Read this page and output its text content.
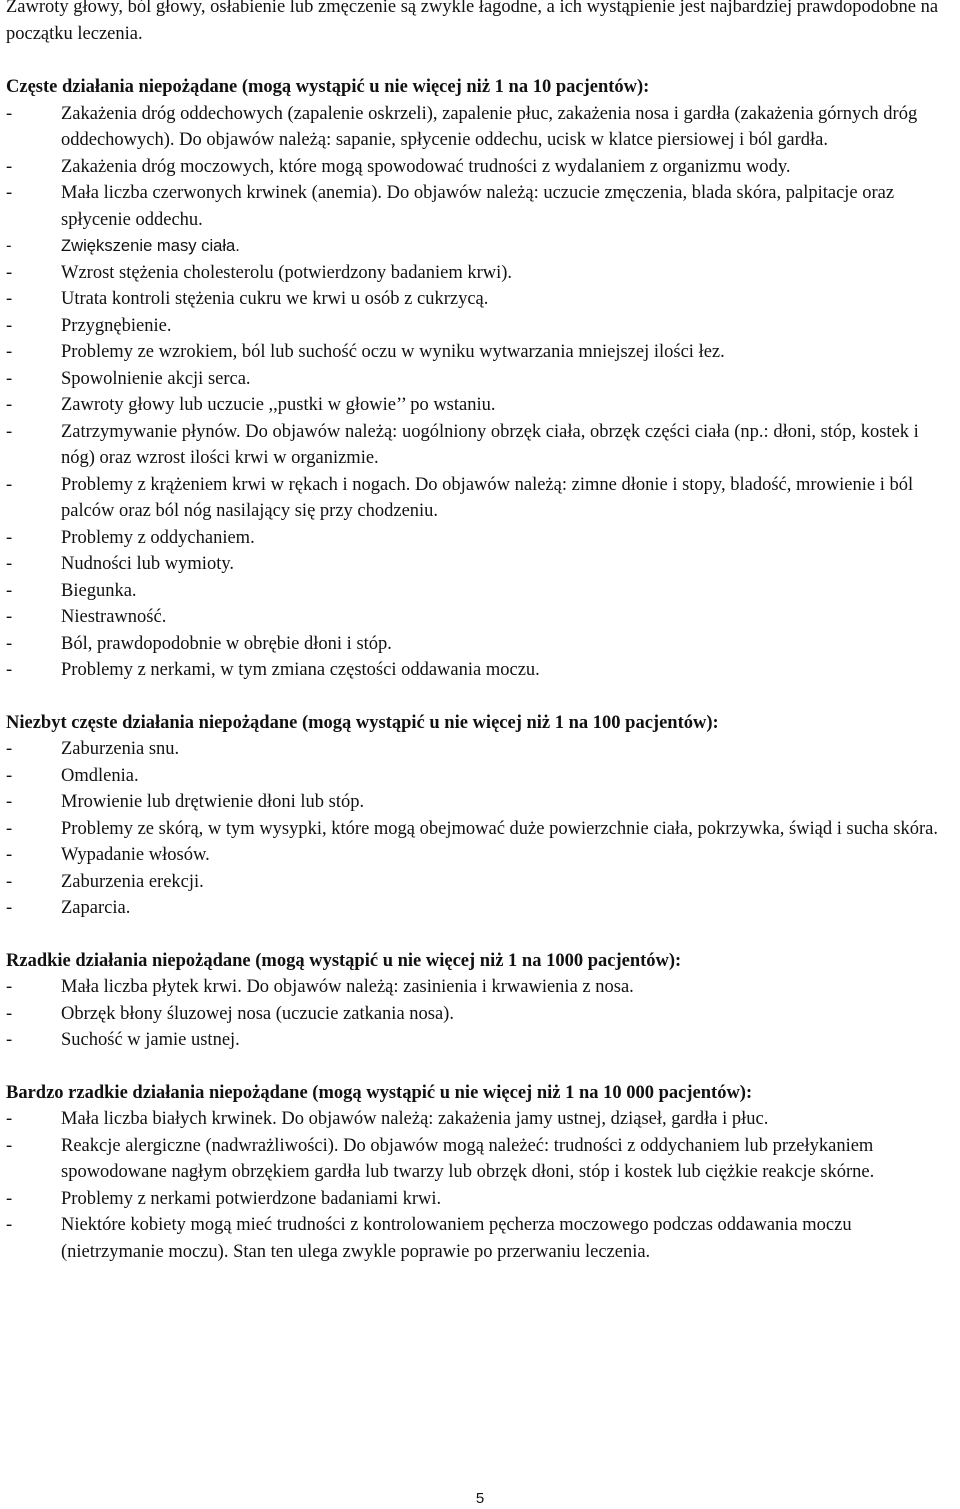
Zawroty głowy, ból głowy, osłabienie lub zmęczenie są zwykle łagodne, a ich wystąpienie jest najbardziej prawdopodobne na początku leczenia.

Częste działania niepożądane (mogą wystąpić u nie więcej niż 1 na 10 pacjentów):

- Zakażenia dróg oddechowych (zapalenie oskrzeli), zapalenie płuc, zakażenia nosa i gardła (zakażenia górnych dróg oddechowych). Do objawów należą: sapanie, spłycenie oddechu, ucisk w klatce piersiowej i ból gardła.
- Zakażenia dróg moczowych, które mogą spowodować trudności z wydalaniem z organizmu wody.
- Mała liczba czerwonych krwinek (anemia). Do objawów należą: uczucie zmęczenia, blada skóra, palpitacje oraz spłycenie oddechu.
- Zwiększenie masy ciała.
- Wzrost stężenia cholesterolu (potwierdzony badaniem krwi).
- Utrata kontroli stężenia cukru we krwi u osób z cukrzycą.
- Przygnębienie.
- Problemy ze wzrokiem, ból lub suchość oczu w wyniku wytwarzania mniejszej ilości łez.
- Spowolnienie akcji serca.
- Zawroty głowy lub uczucie ,,pustki w głowie’’ po wstaniu.
- Zatrzymywanie płynów. Do objawów należą: uogólniony obrzęk ciała, obrzęk części ciała (np.: dłoni, stóp, kostek i nóg) oraz wzrost ilości krwi w organizmie.
- Problemy z krążeniem krwi w rękach i nogach. Do objawów należą: zimne dłonie i stopy, bladość, mrowienie i ból palców oraz ból nóg nasilający się przy chodzeniu.
- Problemy z oddychaniem.
- Nudności lub wymioty.
- Biegunka.
- Niestrawność.
- Ból, prawdopodobnie w obrębie dłoni i stóp.
- Problemy z nerkami, w tym zmiana częstości oddawania moczu.

Niezbyt częste działania niepożądane (mogą wystąpić u nie więcej niż 1 na 100 pacjentów):

- Zaburzenia snu.
- Omdlenia.
- Mrowienie lub drętwienie dłoni lub stóp.
- Problemy ze skórą, w tym wysypki, które mogą obejmować duże powierzchnie ciała, pokrzywka, świąd i sucha skóra.
- Wypadanie włosów.
- Zaburzenia erekcji.
- Zaparcia.

Rzadkie działania niepożądane (mogą wystąpić u nie więcej niż 1 na 1000 pacjentów):

- Mała liczba płytek krwi. Do objawów należą: zasinienia i krwawienia z nosa.
- Obrzęk błony śluzowej nosa (uczucie zatkania nosa).
- Suchość w jamie ustnej.

Bardzo rzadkie działania niepożądane (mogą wystąpić u nie więcej niż 1 na 10 000 pacjentów):

- Mała liczba białych krwinek. Do objawów należą: zakażenia jamy ustnej, dziąseł, gardła i płuc.
- Reakcje alergiczne (nadwrażliwości). Do objawów mogą należeć: trudności z oddychaniem lub przełykaniem spowodowane nagłym obrzękiem gardła lub twarzy lub obrzęk dłoni, stóp i kostek lub ciężkie reakcje skórne.
- Problemy z nerkami potwierdzone badaniami krwi.
- Niektóre kobiety mogą mieć trudności z kontrolowaniem pęcherza moczowego podczas oddawania moczu (nietrzymanie moczu). Stan ten ulega zwykle poprawie po przerwaniu leczenia.
5
